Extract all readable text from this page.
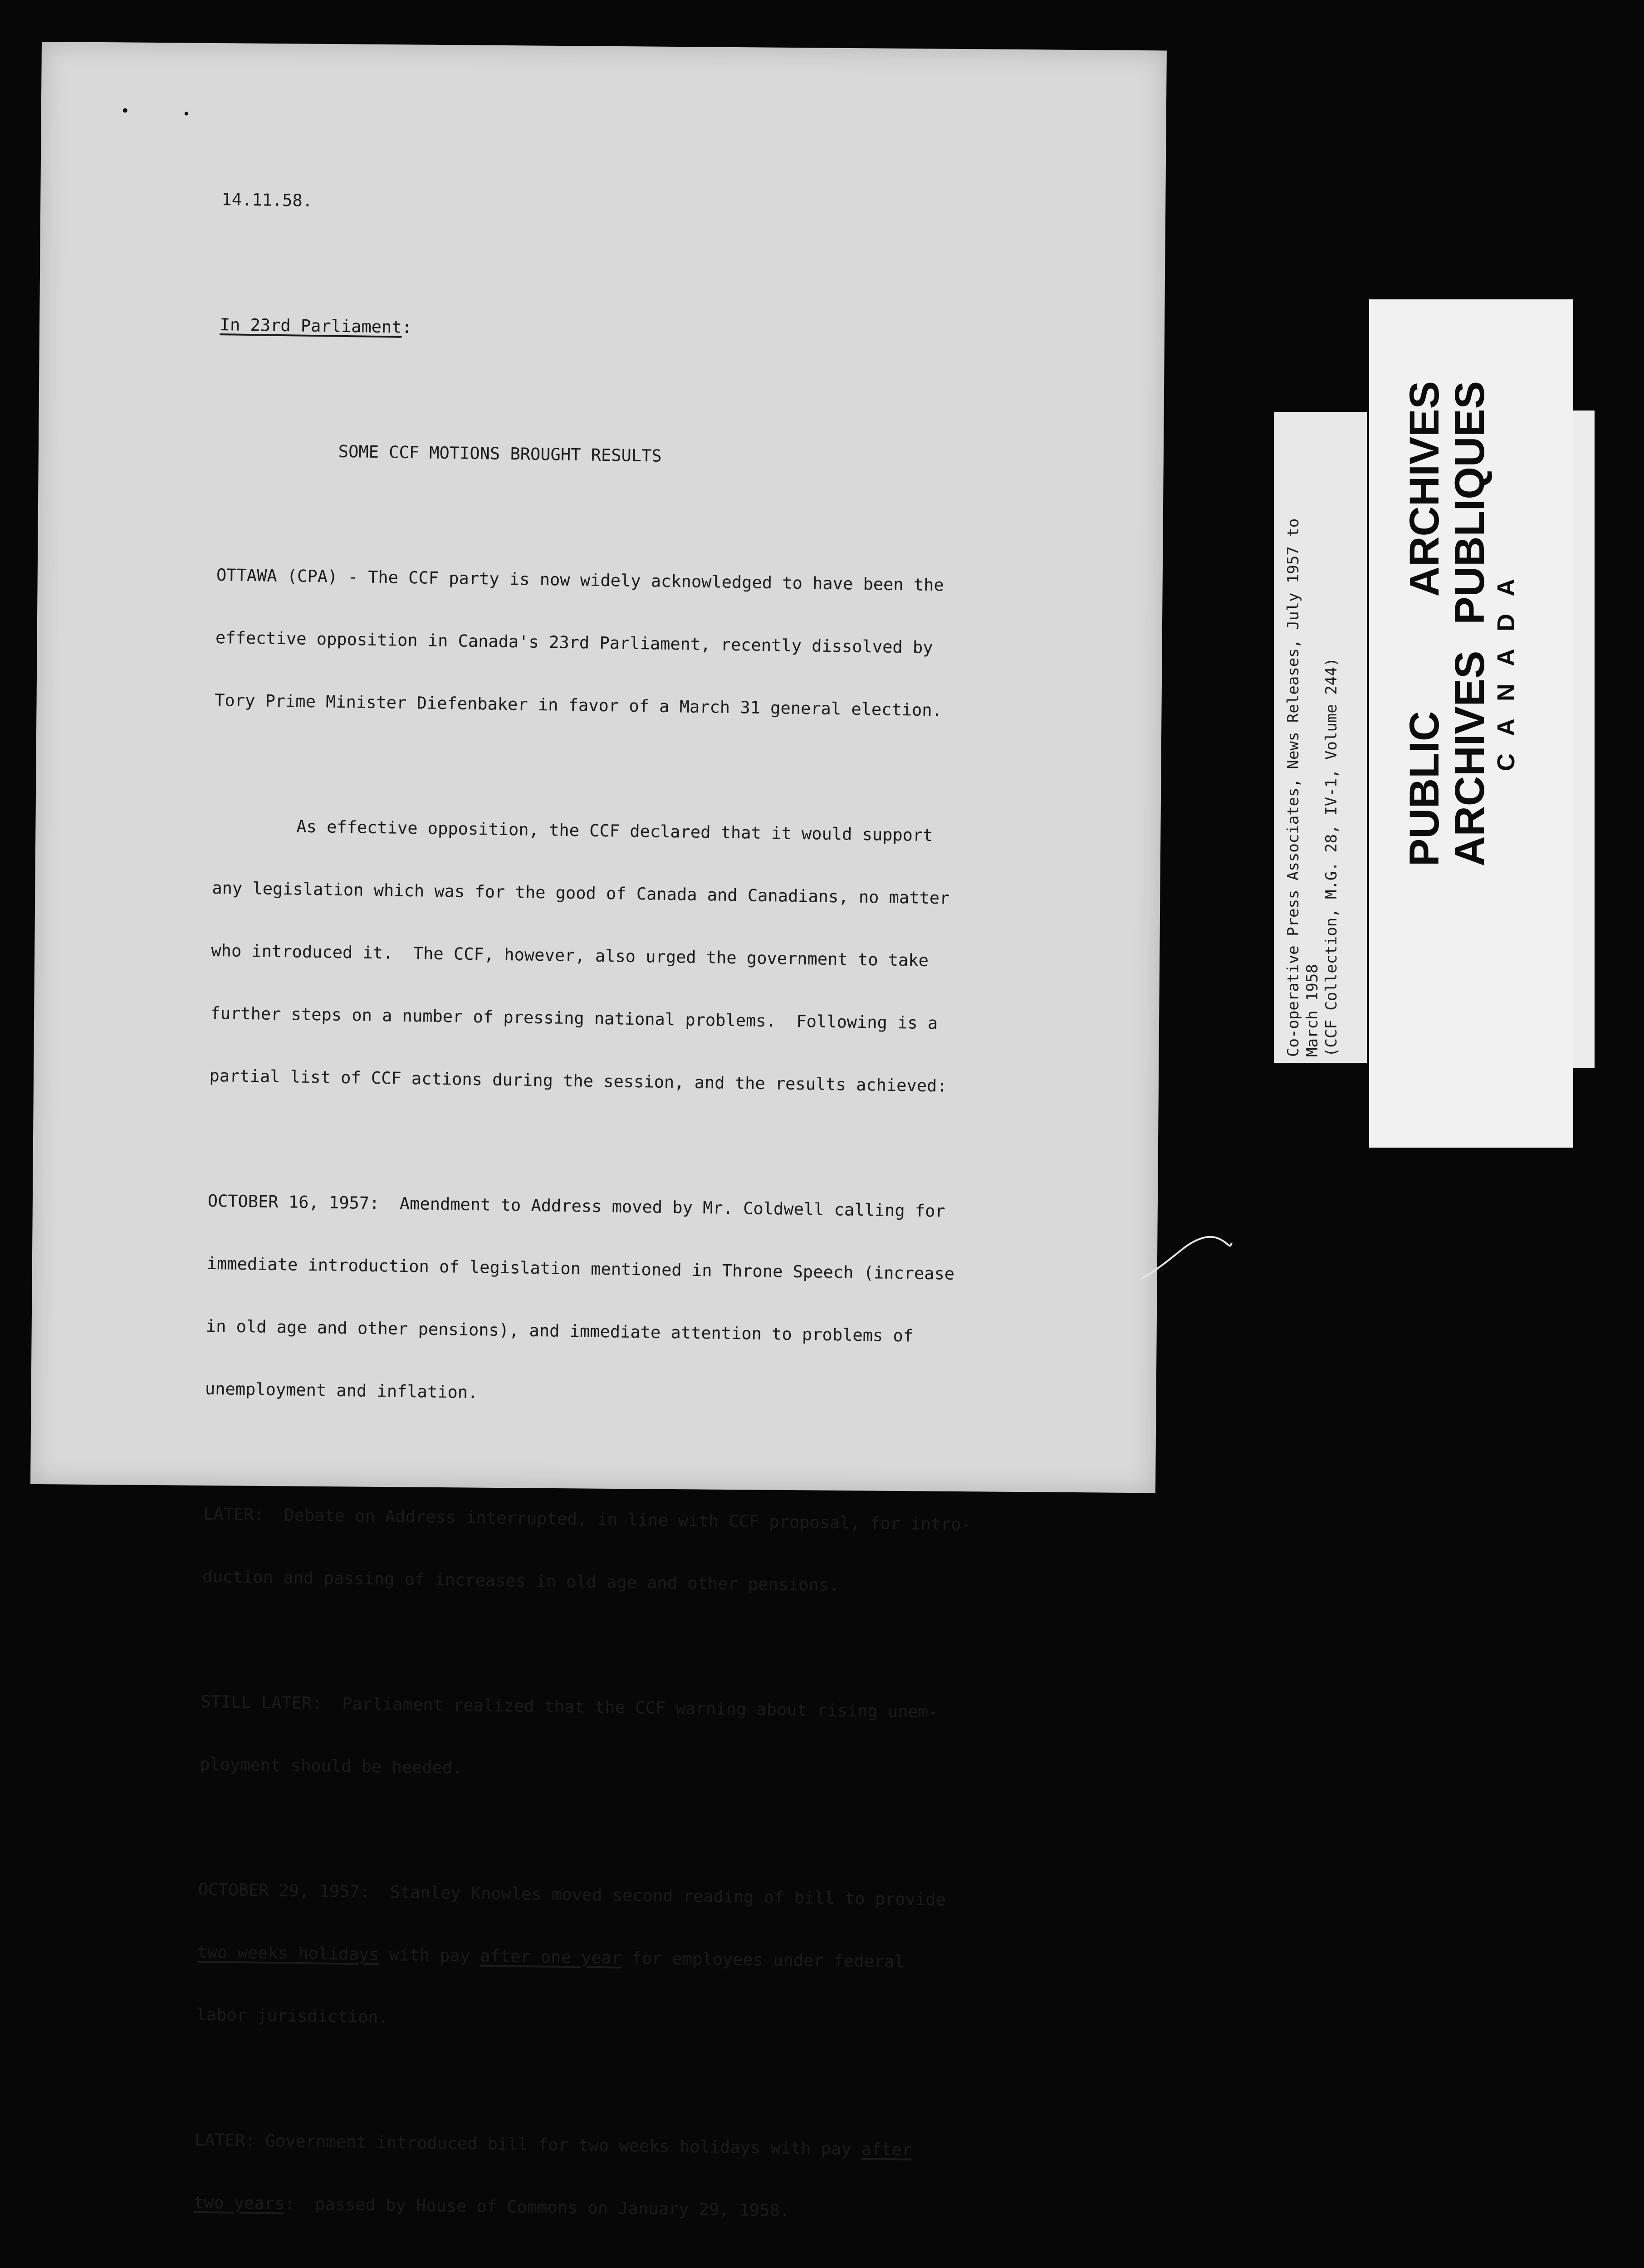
14.11.58.

In 23rd Parliament:

SOME CCF MOTIONS BROUGHT RESULTS

OTTAWA (CPA) - The CCF party is now widely acknowledged to have been the

effective opposition in Canada's 23rd Parliament, recently dissolved by

Tory Prime Minister Diefenbaker in favor of a March 31 general election.

As effective opposition, the CCF declared that it would support

any legislation which was for the good of Canada and Canadians, no matter

who introduced it.  The CCF, however, also urged the government to take

further steps on a number of pressing national problems.  Following is a

partial list of CCF actions during the session, and the results achieved:

OCTOBER 16, 1957:  Amendment to Address moved by Mr. Coldwell calling for

immediate introduction of legislation mentioned in Throne Speech (increase

in old age and other pensions), and immediate attention to problems of

unemployment and inflation.

LATER:  Debate on Address interrupted, in line with CCF proposal, for intro-

duction and passing of increases in old age and other pensions.

STILL LATER:  Parliament realized that the CCF warning about rising unem-

ployment should be heeded.

OCTOBER 29, 1957:  Stanley Knowles moved second reading of bill to provide

two weeks holidays with pay after one year for employees under federal

labor jurisdiction.

LATER: Government introduced bill for two weeks holidays with pay after

two years:  passed by House of Commons on January 29, 1958.

Co-operative Press Associates, News Releases, July 1957 to March 1958 (CCF Collection, M.G. 28, IV-1, Volume 244) PUBLIC
ARCHIVES
ARCHIVES
PUBLIQUES
CANADA
